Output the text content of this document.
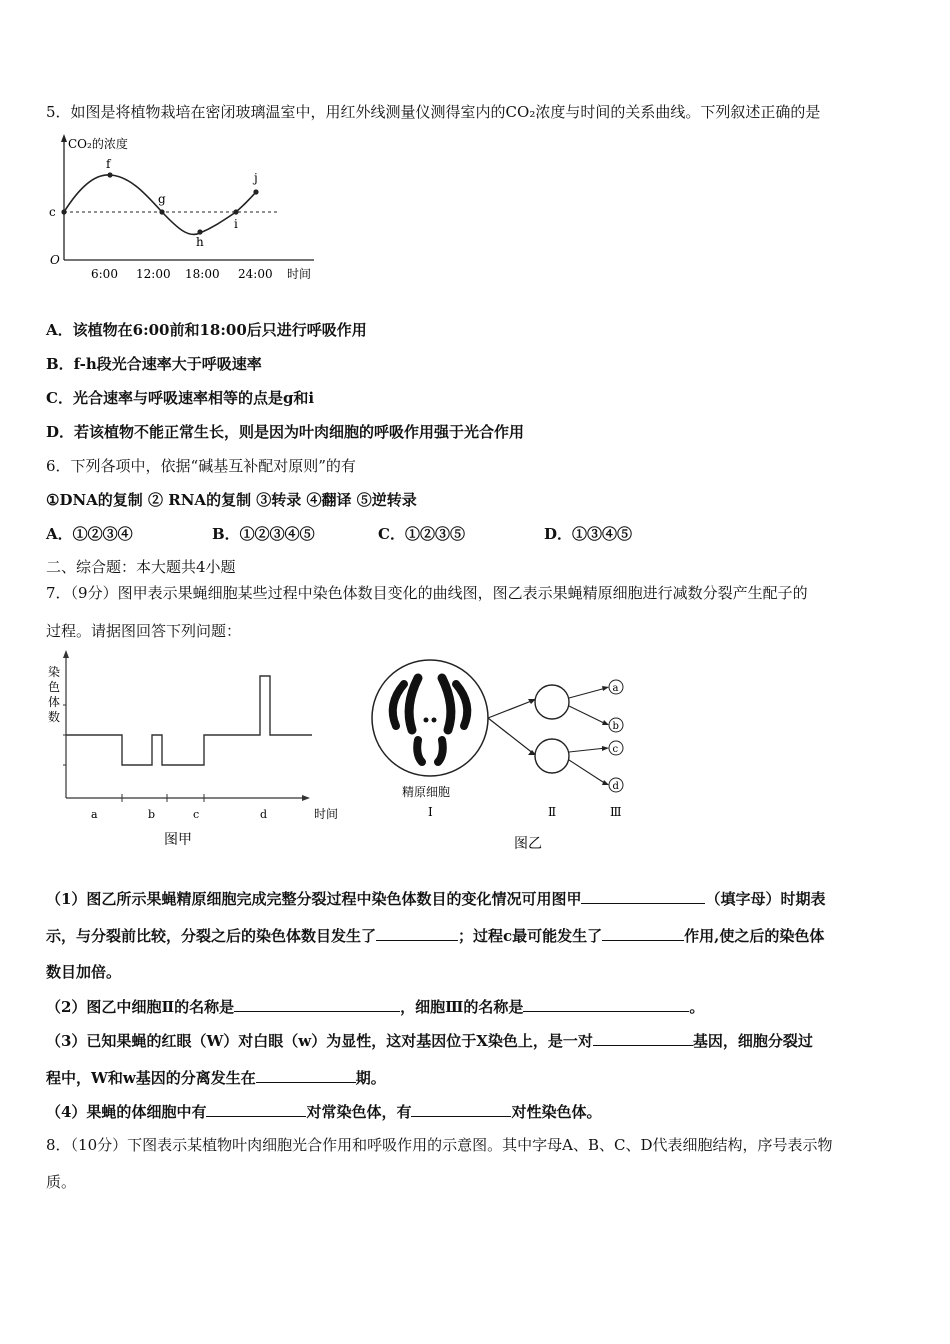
5．如图是将植物栽培在密闭玻璃温室中，用红外线测量仪测得室内的CO₂浓度与时间的关系曲线。下列叙述正确的是
CO₂的浓度
O
c
f
g
h
i
j
6:00 12:00 18:00 24:00 时间
A．该植物在6:00前和18:00后只进行呼吸作用
B．f-h段光合速率大于呼吸速率
C．光合速率与呼吸速率相等的点是g和i
D．若该植物不能正常生长，则是因为叶肉细胞的呼吸作用强于光合作用
6．下列各项中，依据“碱基互补配对原则”的有
①DNA的复制 ② RNA的复制 ③转录 ④翻译 ⑤逆转录
A．①②③④	B．①②③④⑤	C．①②③⑤	D．①③④⑤
二、综合题：本大题共4小题
7．（9分）图甲表示果蝇细胞某些过程中染色体数目变化的曲线图，图乙表示果蝇精原细胞进行减数分裂产生配子的
过程。请据图回答下列问题：
染
色
体
数
a	b	c	d	时间
图甲
a
b
c
d
精原细胞
Ⅰ	Ⅱ	Ⅲ
图乙
（1）图乙所示果蝇精原细胞完成完整分裂过程中染色体数目的变化情况可用图甲	（填字母）时期表
示，与分裂前比较，分裂之后的染色体数目发生了	；过程c最可能发生了	作用,使之后的染色体
数目加倍。
（2）图乙中细胞Ⅱ的名称是	，细胞Ⅲ的名称是	。
（3）已知果蝇的红眼（W）对白眼（w）为显性，这对基因位于X染色上，是一对	基因，细胞分裂过
程中，W和w基因的分离发生在	期。
（4）果蝇的体细胞中有	对常染色体，有	对性染色体。
8．（10分）下图表示某植物叶肉细胞光合作用和呼吸作用的示意图。其中字母A、B、C、D代表细胞结构，序号表示物
质。
